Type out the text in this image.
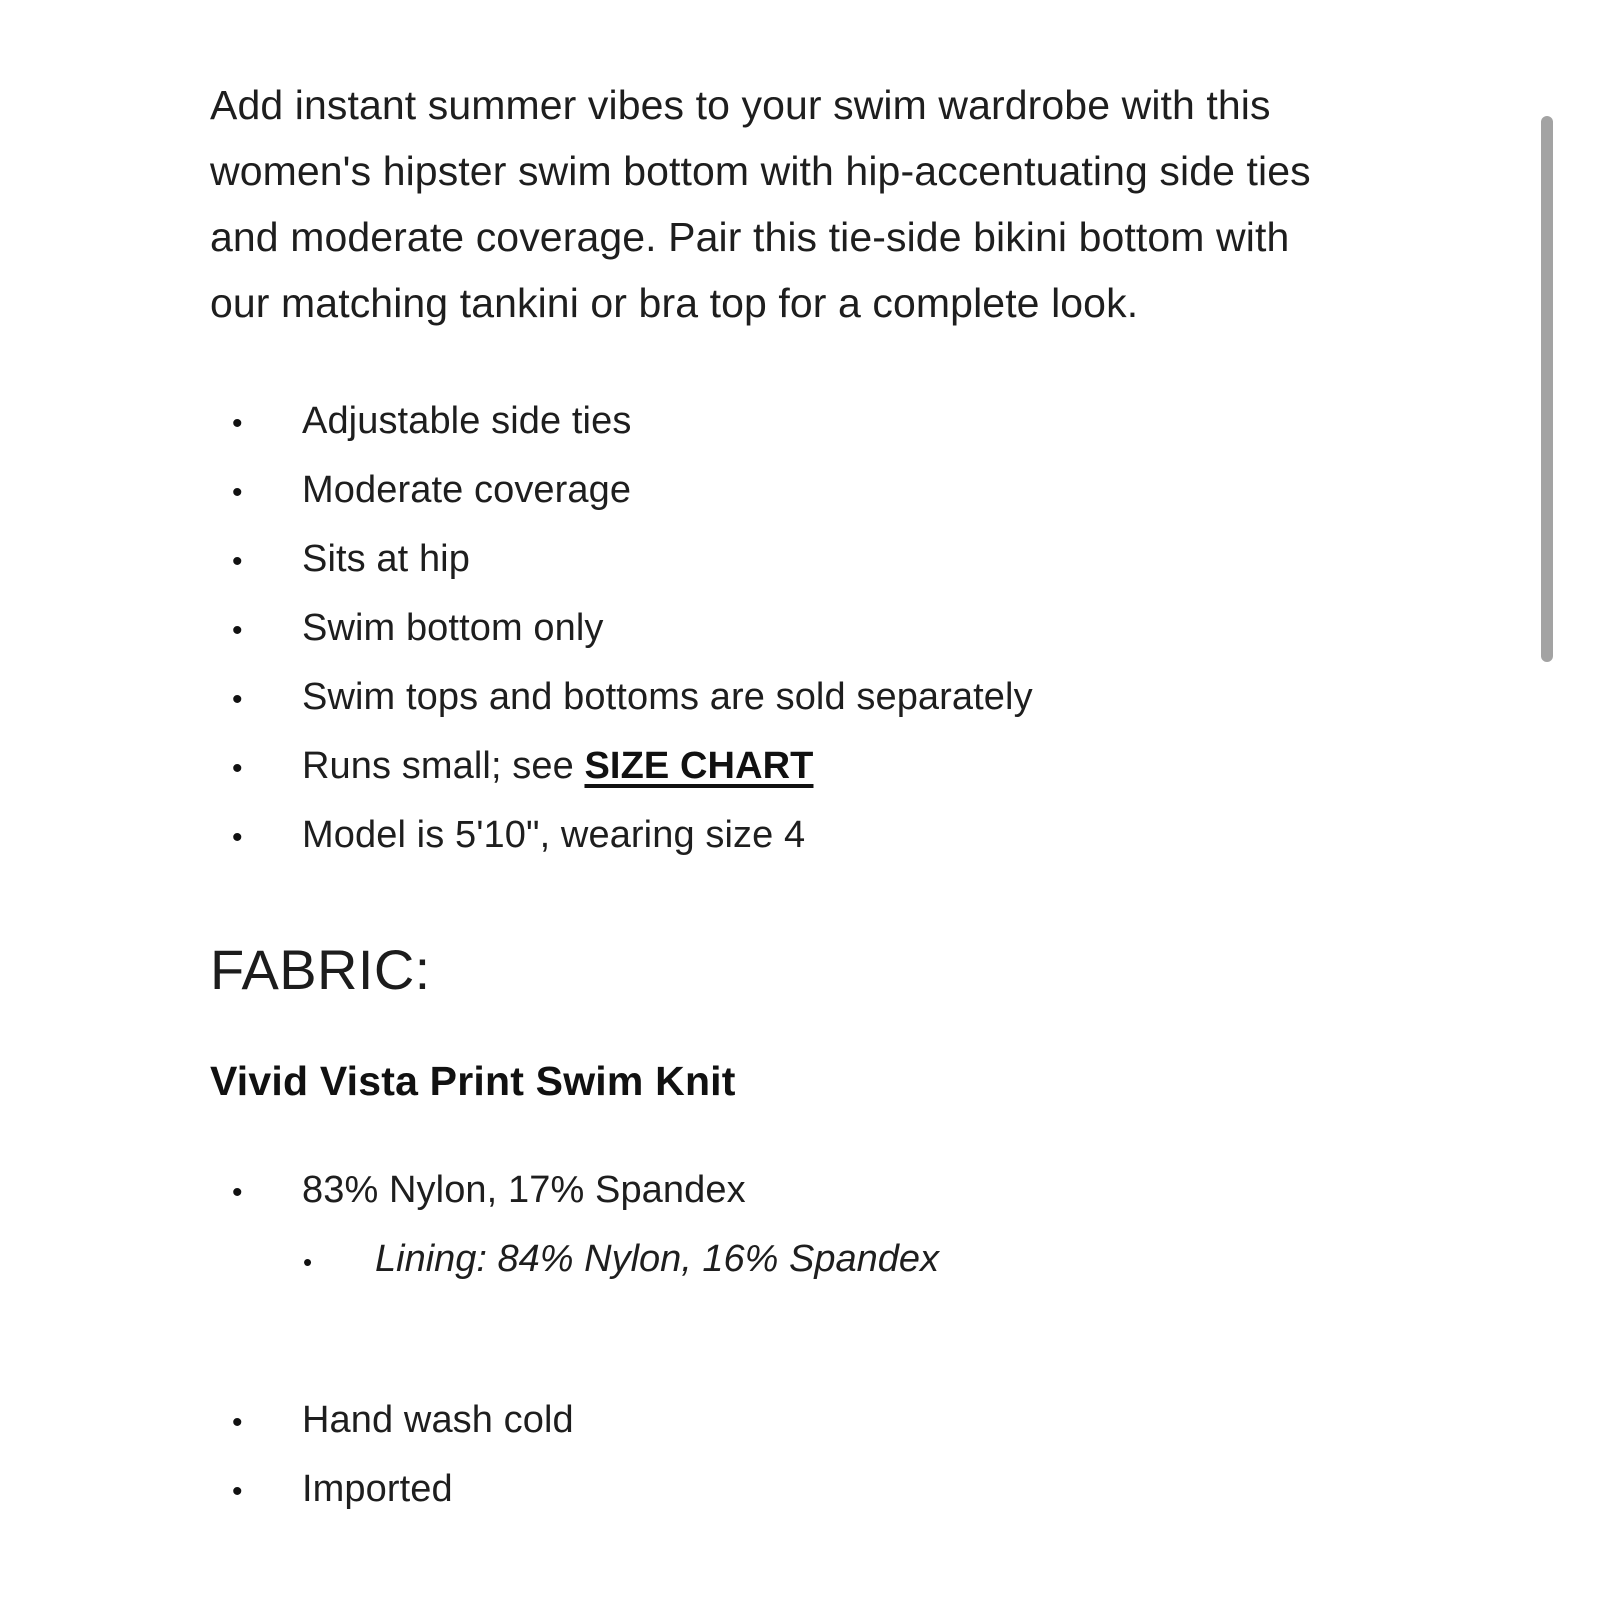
Add instant summer vibes to your swim wardrobe with this women's hipster swim bottom with hip-accentuating side ties and moderate coverage. Pair this tie-side bikini bottom with our matching tankini or bra top for a complete look.

•	Adjustable side ties
•	Moderate coverage
•	Sits at hip
•	Swim bottom only
•	Swim tops and bottoms are sold separately
•	Runs small; see SIZE CHART
•	Model is 5'10", wearing size 4
FABRIC:
Vivid Vista Print Swim Knit
•	83% Nylon, 17% Spandex
•	Lining: 84% Nylon, 16% Spandex
•	Hand wash cold
•	Imported
